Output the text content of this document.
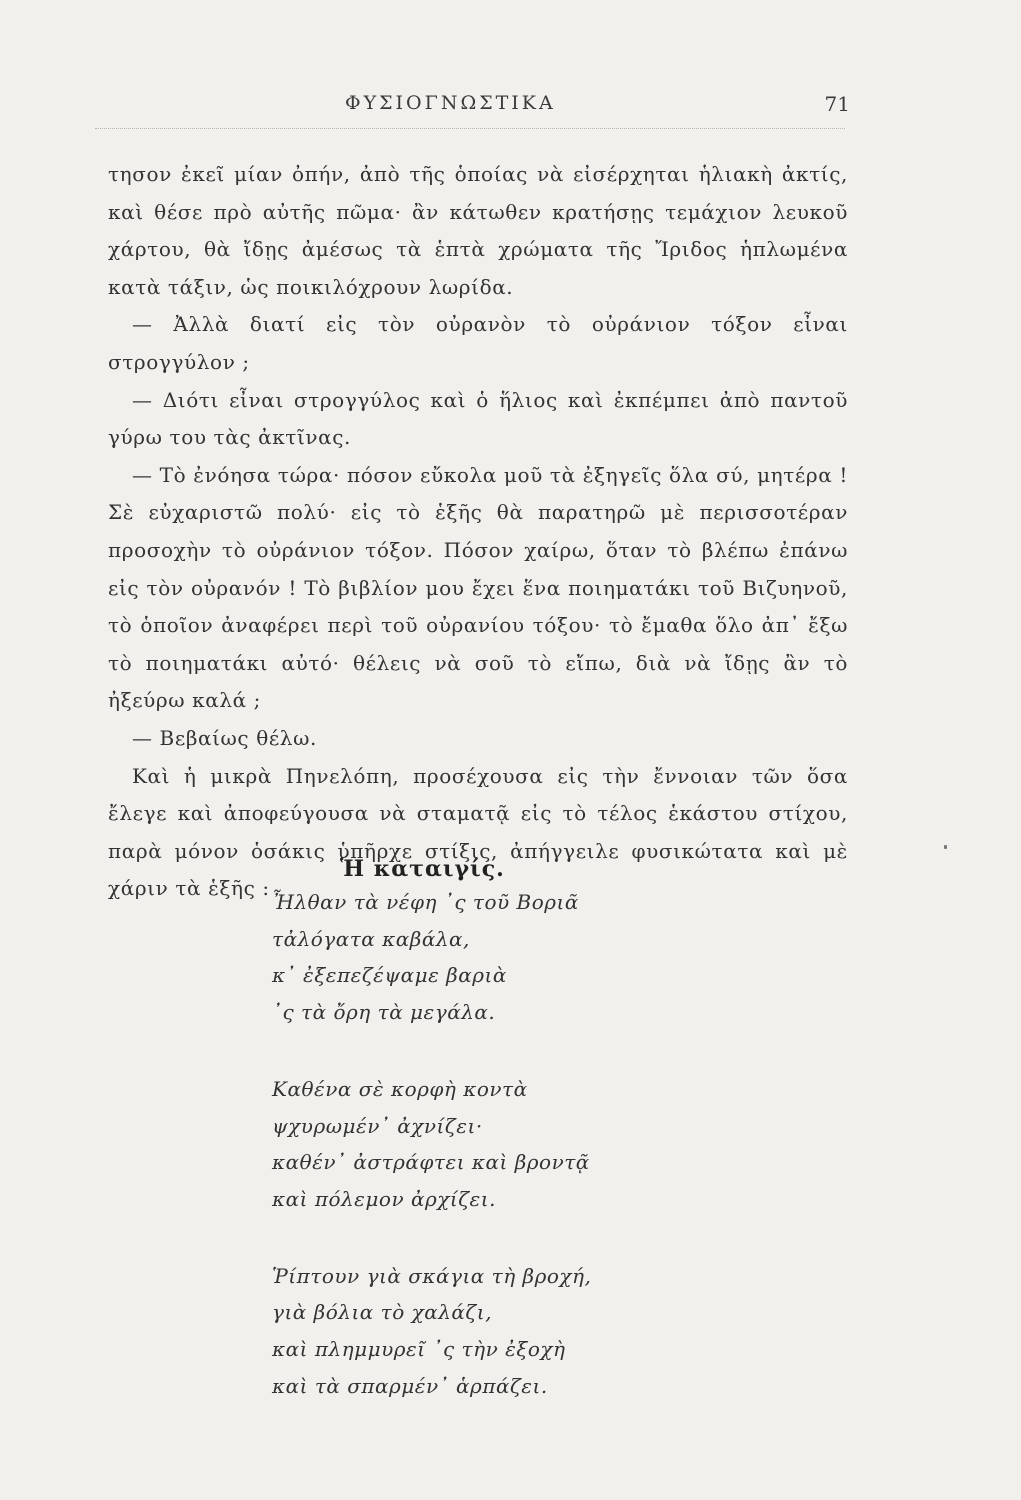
ΦΥΣΙΟΓΝΩΣΤΙΚΑ	71

τησον ἐκεῖ μίαν ὀπήν, ἀπὸ τῆς ὁποίας νὰ εἰσέρχηται ἡλιακὴ ἀκτίς, καὶ θέσε πρὸ αὐτῆς πῶμα· ἂν κάτωθεν κρατήσῃς τεμάχιον λευκοῦ χάρτου, θὰ ἴδῃς ἀμέσως τὰ ἑπτὰ χρώματα τῆς Ἴριδος ἡπλωμένα κατὰ τάξιν, ὡς ποικιλόχρουν λωρίδα.

— Ἀλλὰ διατί εἰς τὸν οὐρανὸν τὸ οὐράνιον τόξον εἶναι στρογγύλον ;

— Διότι εἶναι στρογγύλος καὶ ὁ ἥλιος καὶ ἐκπέμπει ἀπὸ παντοῦ γύρω του τὰς ἀκτῖνας.

— Τὸ ἐνόησα τώρα· πόσον εὔκολα μοῦ τὰ ἐξηγεῖς ὅλα σύ, μητέρα ! Σὲ εὐχαριστῶ πολύ· εἰς τὸ ἑξῆς θὰ παρατηρῶ μὲ περισσοτέραν προσοχὴν τὸ οὐράνιον τόξον. Πόσον χαίρω, ὅταν τὸ βλέπω ἐπάνω εἰς τὸν οὐρανόν ! Τὸ βιβλίον μου ἔχει ἕνα ποιηματάκι τοῦ Βιζυηνοῦ, τὸ ὁποῖον ἀναφέρει περὶ τοῦ οὐρανίου τόξου· τὸ ἔμαθα ὅλο ἀπ᾽ ἔξω τὸ ποιηματάκι αὐτό· θέλεις νὰ σοῦ τὸ εἴπω, διὰ νὰ ἴδῃς ἂν τὸ ἠξεύρω καλά ;

— Βεβαίως θέλω.

Καὶ ἡ μικρὰ Πηνελόπη, προσέχουσα εἰς τὴν ἔννοιαν τῶν ὅσα ἔλεγε καὶ ἀποφεύγουσα νὰ σταματᾷ εἰς τὸ τέλος ἑκάστου στίχου, παρὰ μόνον ὁσάκις ὑπῆρχε στίξις, ἀπήγγειλε φυσικώτατα καὶ μὲ χάριν τὰ ἑξῆς :

Ἡ καταιγίς.
Ἦλθαν τὰ νέφη ᾽ς τοῦ Βοριᾶ
τἀλόγατα καβάλα,
κ᾽ ἐξεπεζέψαμε βαριὰ
᾽ς τὰ ὄρη τὰ μεγάλα.
Καθένα σὲ κορφὴ κοντὰ
ψχυρωμέν᾽ ἀχνίζει·
καθέν᾽ ἀστράφτει καὶ βροντᾷ
καὶ πόλεμον ἀρχίζει.
Ῥίπτουν γιὰ σκάγια τὴ βροχή,
γιὰ βόλια τὸ χαλάζι,
καὶ πλημμυρεῖ ᾽ς τὴν ἐξοχὴ
καὶ τὰ σπαρμέν᾽ ἁρπάζει.
